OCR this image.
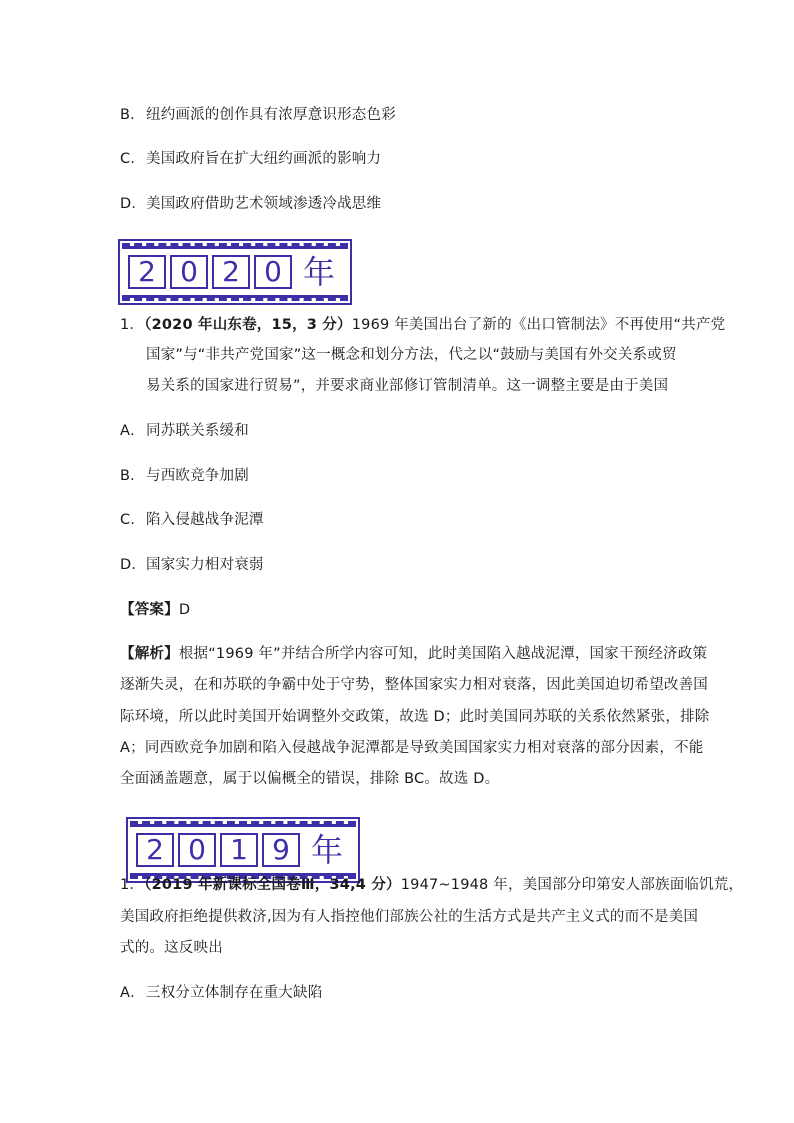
B．纽约画派的创作具有浓厚意识形态色彩
C．美国政府旨在扩大纽约画派的影响力
D．美国政府借助艺术领域渗透冷战思维
2 0 2 0 年
1．（2020 年山东卷，15，3 分）1969 年美国出台了新的《出口管制法》不再使用“共产党
国家”与“非共产党国家”这一概念和划分方法，代之以“鼓励与美国有外交关系或贸
易关系的国家进行贸易”，并要求商业部修订管制清单。这一调整主要是由于美国
A．同苏联关系缓和
B．与西欧竞争加剧
C．陷入侵越战争泥潭
D．国家实力相对衰弱
【答案】D
【解析】根据“1969 年”并结合所学内容可知，此时美国陷入越战泥潭，国家干预经济政策
逐渐失灵，在和苏联的争霸中处于守势，整体国家实力相对衰落，因此美国迫切希望改善国
际环境，所以此时美国开始调整外交政策，故选 D；此时美国同苏联的关系依然紧张，排除
A；同西欧竞争加剧和陷入侵越战争泥潭都是导致美国国家实力相对衰落的部分因素，不能
全面涵盖题意，属于以偏概全的错误，排除 BC。故选 D。
2 0 1 9 年
1．（2019 年新课标全国卷Ⅲ，34,4 分）1947~1948 年，美国部分印第安人部族面临饥荒，
美国政府拒绝提供救济,因为有人指控他们部族公社的生活方式是共产主义式的而不是美国
式的。这反映出
A．三权分立体制存在重大缺陷
